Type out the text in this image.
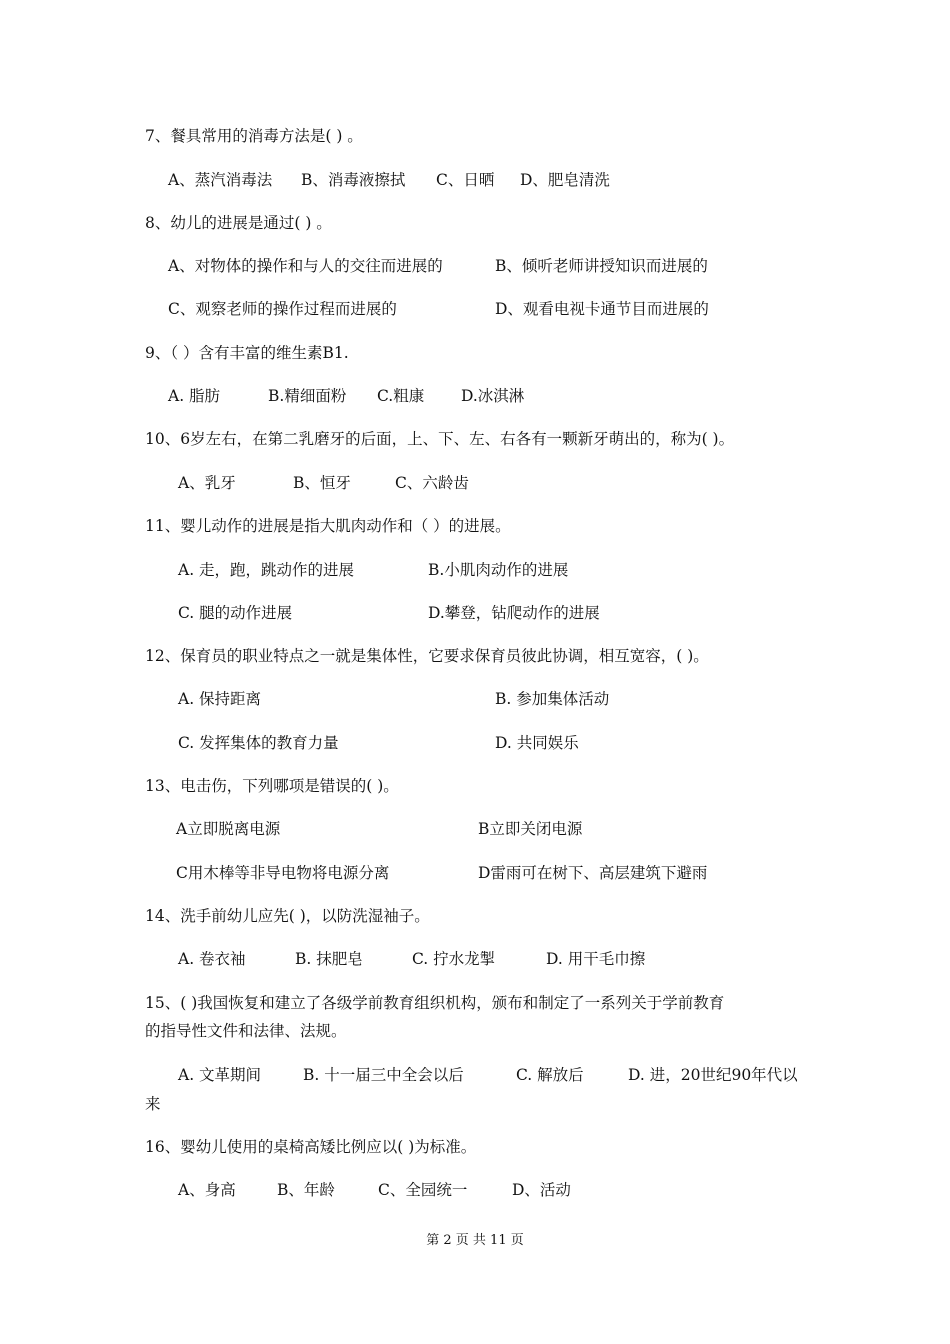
7、餐具常用的消毒方法是( ) 。
A、蒸汽消毒法 B、消毒液擦拭 C、日晒 D、肥皂清洗
8、幼儿的进展是通过( ) 。
A、对物体的操作和与人的交往而进展的	B、倾听老师讲授知识而进展的
C、观察老师的操作过程而进展的	D、观看电视卡通节目而进展的
9、（ ）含有丰富的维生素B1.
A. 脂肪	B.精细面粉 C.粗康 D.冰淇淋
10、6岁左右，在第二乳磨牙的后面，上、下、左、右各有一颗新牙萌出的，称为( )。
A、乳牙	B、恒牙	C、六龄齿
11、婴儿动作的进展是指大肌肉动作和（ ）的进展。
A. 走，跑，跳动作的进展	B.小肌肉动作的进展
C. 腿的动作进展	D.攀登，钻爬动作的进展
12、保育员的职业特点之一就是集体性，它要求保育员彼此协调，相互宽容，( )。
A. 保持距离	B. 参加集体活动
C. 发挥集体的教育力量	D. 共同娱乐
13、电击伤，下列哪项是错误的( )。
A立即脱离电源	B立即关闭电源
C用木棒等非导电物将电源分离	D雷雨可在树下、高层建筑下避雨
14、洗手前幼儿应先( )，以防洗湿袖子。
A. 卷衣袖	B. 抹肥皂	C. 拧水龙掣	D. 用干毛巾擦
15、( )我国恢复和建立了各级学前教育组织机构，颁布和制定了一系列关于学前教育
的指导性文件和法律、法规。
A. 文革期间	B. 十一届三中全会以后	C. 解放后	D. 进，20世纪90年代以
来
16、婴幼儿使用的桌椅高矮比例应以( )为标准。
A、身高	B、年龄	C、全园统一	D、活动
第 2 页 共 11 页
